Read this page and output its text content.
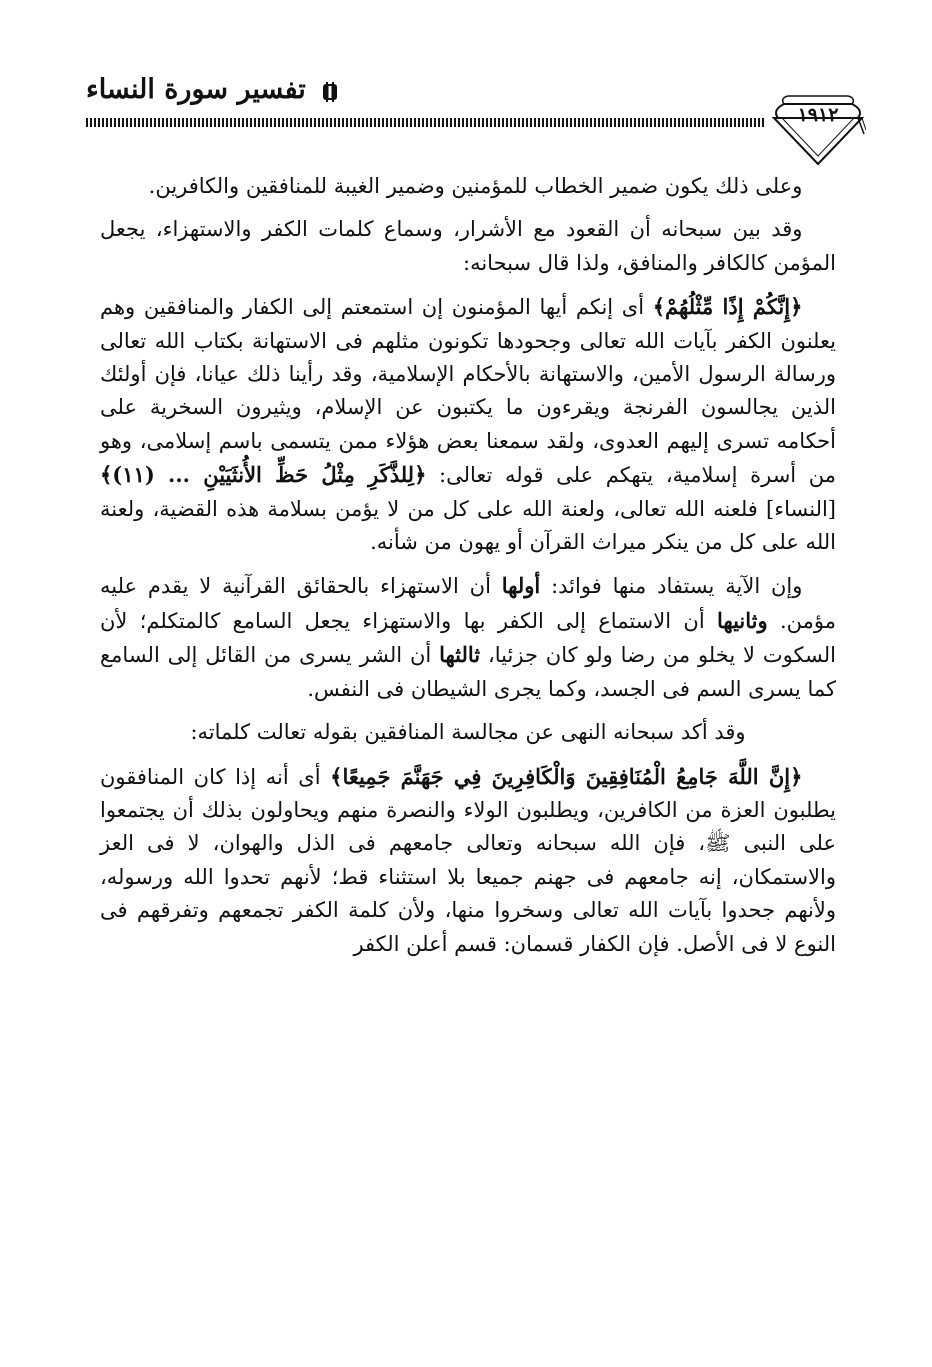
تفسير سورة النساء
١٩١٢

وعلى ذلك يكون ضمير الخطاب للمؤمنين وضمير الغيبة للمنافقين والكافرين.

وقد بين سبحانه أن القعود مع الأشرار، وسماع كلمات الكفر والاستهزاء، يجعل المؤمن كالكافر والمنافق، ولذا قال سبحانه:

﴿إِنَّكُمْ إِذًا مِّثْلُهُمْ﴾ أى إنكم أيها المؤمنون إن استمعتم إلى الكفار والمنافقين وهم يعلنون الكفر بآيات الله تعالى وجحودها تكونون مثلهم فى الاستهانة بكتاب الله تعالى ورسالة الرسول الأمين، والاستهانة بالأحكام الإسلامية، وقد رأينا ذلك عيانا، فإن أولئك الذين يجالسون الفرنجة ويقرءون ما يكتبون عن الإسلام، ويثيرون السخرية على أحكامه تسرى إليهم العدوى، ولقد سمعنا بعض هؤلاء ممن يتسمى باسم إسلامى، وهو من أسرة إسلامية، يتهكم على قوله تعالى: ﴿لِلذَّكَرِ مِثْلُ حَظِّ الأُنثَيَيْنِ ... (١١)﴾ [النساء] فلعنه الله تعالى، ولعنة الله على كل من لا يؤمن بسلامة هذه القضية، ولعنة الله على كل من ينكر ميراث القرآن أو يهون من شأنه.

وإن الآية يستفاد منها فوائد: أولها أن الاستهزاء بالحقائق القرآنية لا يقدم عليه مؤمن. وثانيها أن الاستماع إلى الكفر بها والاستهزاء يجعل السامع كالمتكلم؛ لأن السكوت لا يخلو من رضا ولو كان جزئيا، ثالثها أن الشر يسرى من القائل إلى السامع كما يسرى السم فى الجسد، وكما يجرى الشيطان فى النفس.

وقد أكد سبحانه النهى عن مجالسة المنافقين بقوله تعالت كلماته:

﴿إِنَّ اللَّهَ جَامِعُ الْمُنَافِقِينَ وَالْكَافِرِينَ فِي جَهَنَّمَ جَمِيعًا﴾ أى أنه إذا كان المنافقون يطلبون العزة من الكافرين، ويطلبون الولاء والنصرة منهم ويحاولون بذلك أن يجتمعوا على النبى ﷺ، فإن الله سبحانه وتعالى جامعهم فى الذل والهوان، لا فى العز والاستمكان، إنه جامعهم فى جهنم جميعا بلا استثناء قط؛ لأنهم تحدوا الله ورسوله، ولأنهم جحدوا بآيات الله تعالى وسخروا منها، ولأن كلمة الكفر تجمعهم وتفرقهم فى النوع لا فى الأصل. فإن الكفار قسمان: قسم أعلن الكفر
